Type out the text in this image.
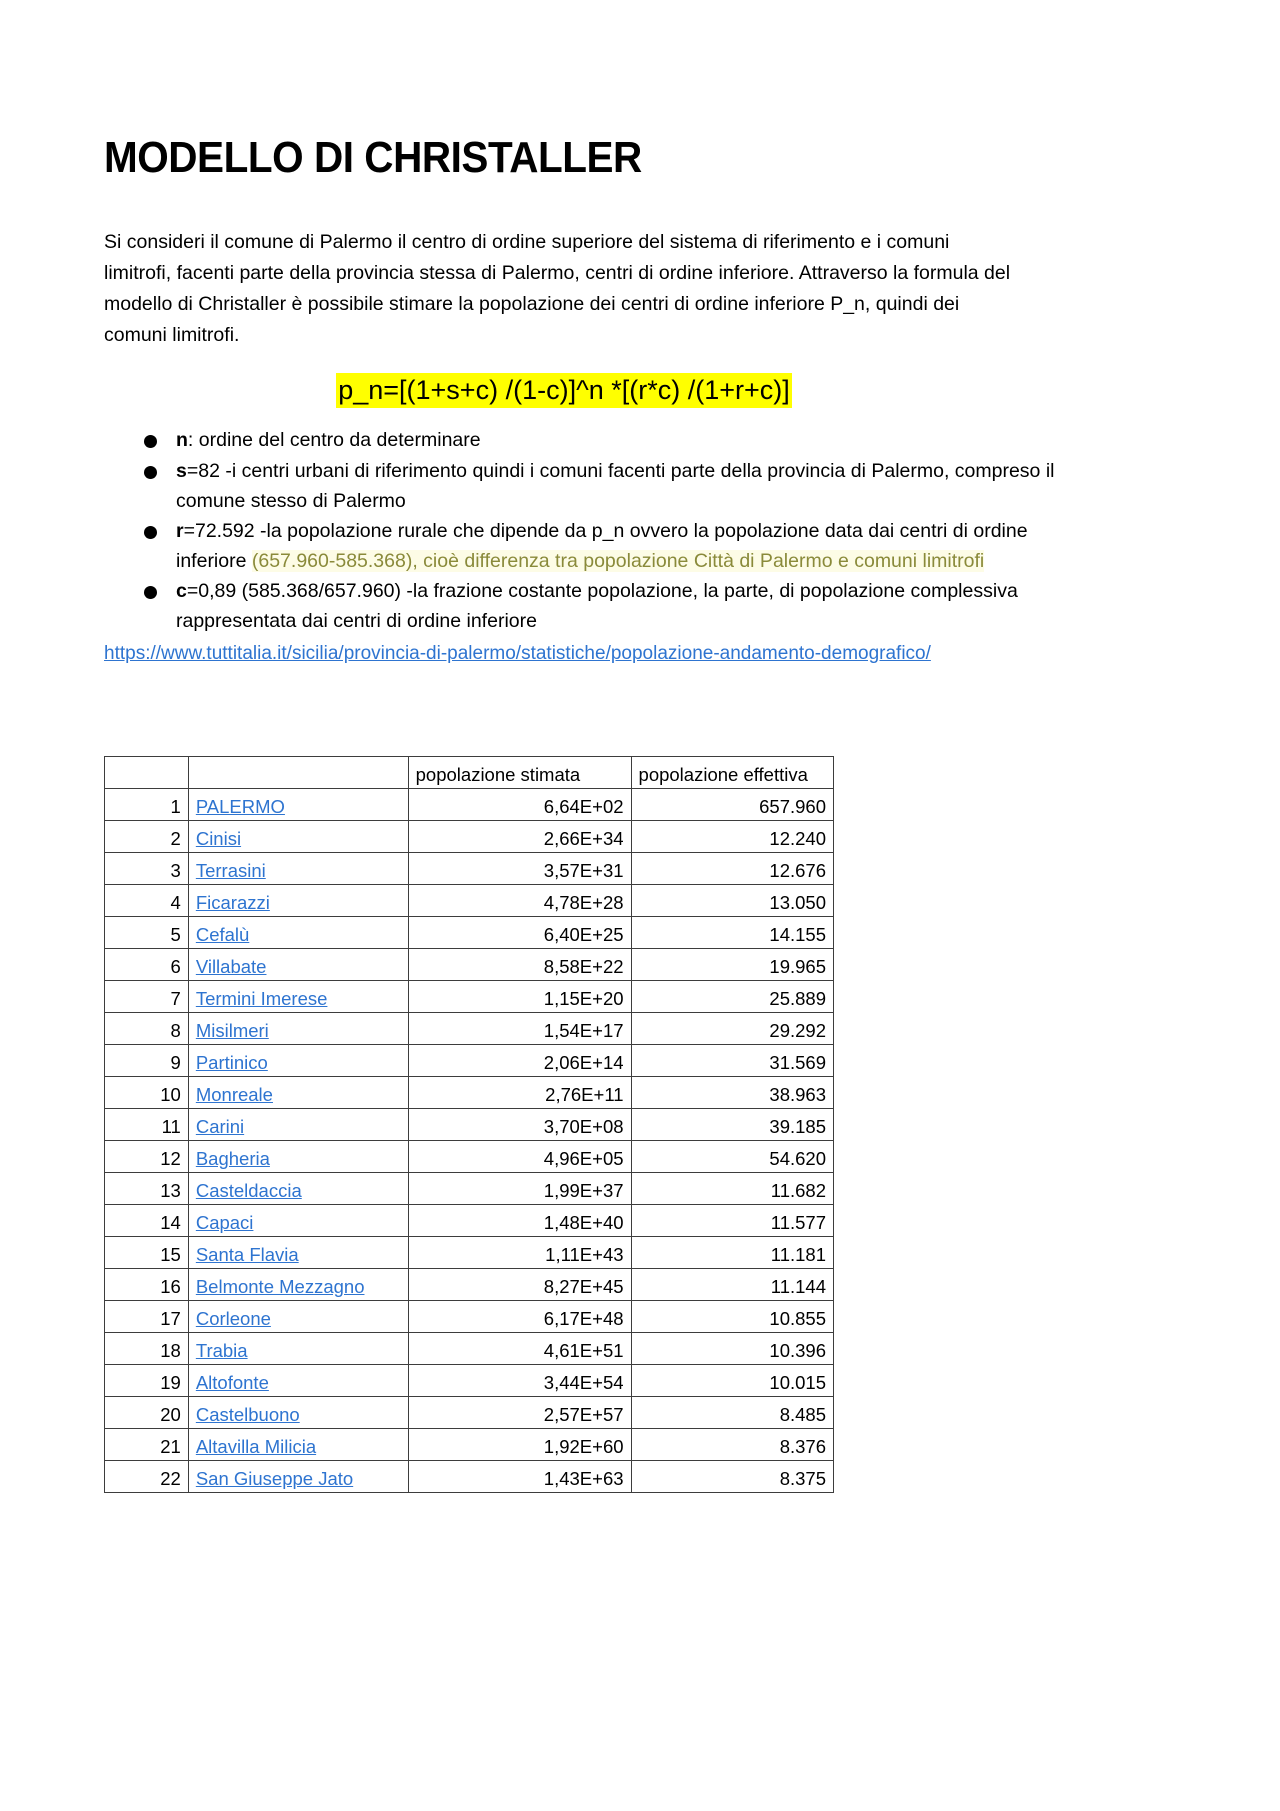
MODELLO DI CHRISTALLER

Si consideri il comune di Palermo il centro di ordine superiore del sistema di riferimento e i comuni limitrofi, facenti parte della provincia stessa di Palermo, centri di ordine inferiore. Attraverso la formula del modello di Christaller è possibile stimare la popolazione dei centri di ordine inferiore P_n, quindi dei comuni limitrofi.

p_n=[(1+s+c) /(1-c)]^n *[(r*c) /(1+r+c)]
n: ordine del centro da determinare
s=82 -i centri urbani di riferimento quindi i comuni facenti parte della provincia di Palermo, compreso il comune stesso di Palermo
r=72.592 -la popolazione rurale che dipende da p_n ovvero la popolazione data dai centri di ordine inferiore (657.960-585.368), cioè differenza tra popolazione Città di Palermo e comuni limitrofi
c=0,89 (585.368/657.960) -la frazione costante popolazione, la parte, di popolazione complessiva rappresentata dai centri di ordine inferiore
https://www.tuttitalia.it/sicilia/provincia-di-palermo/statistiche/popolazione-andamento-demografico/
		popolazione stimata	popolazione effettiva
1	PALERMO	6,64E+02	657.960
2	Cinisi	2,66E+34	12.240
3	Terrasini	3,57E+31	12.676
4	Ficarazzi	4,78E+28	13.050
5	Cefalù	6,40E+25	14.155
6	Villabate	8,58E+22	19.965
7	Termini Imerese	1,15E+20	25.889
8	Misilmeri	1,54E+17	29.292
9	Partinico	2,06E+14	31.569
10	Monreale	2,76E+11	38.963
11	Carini	3,70E+08	39.185
12	Bagheria	4,96E+05	54.620
13	Casteldaccia	1,99E+37	11.682
14	Capaci	1,48E+40	11.577
15	Santa Flavia	1,11E+43	11.181
16	Belmonte Mezzagno	8,27E+45	11.144
17	Corleone	6,17E+48	10.855
18	Trabia	4,61E+51	10.396
19	Altofonte	3,44E+54	10.015
20	Castelbuono	2,57E+57	8.485
21	Altavilla Milicia	1,92E+60	8.376
22	San Giuseppe Jato	1,43E+63	8.375
